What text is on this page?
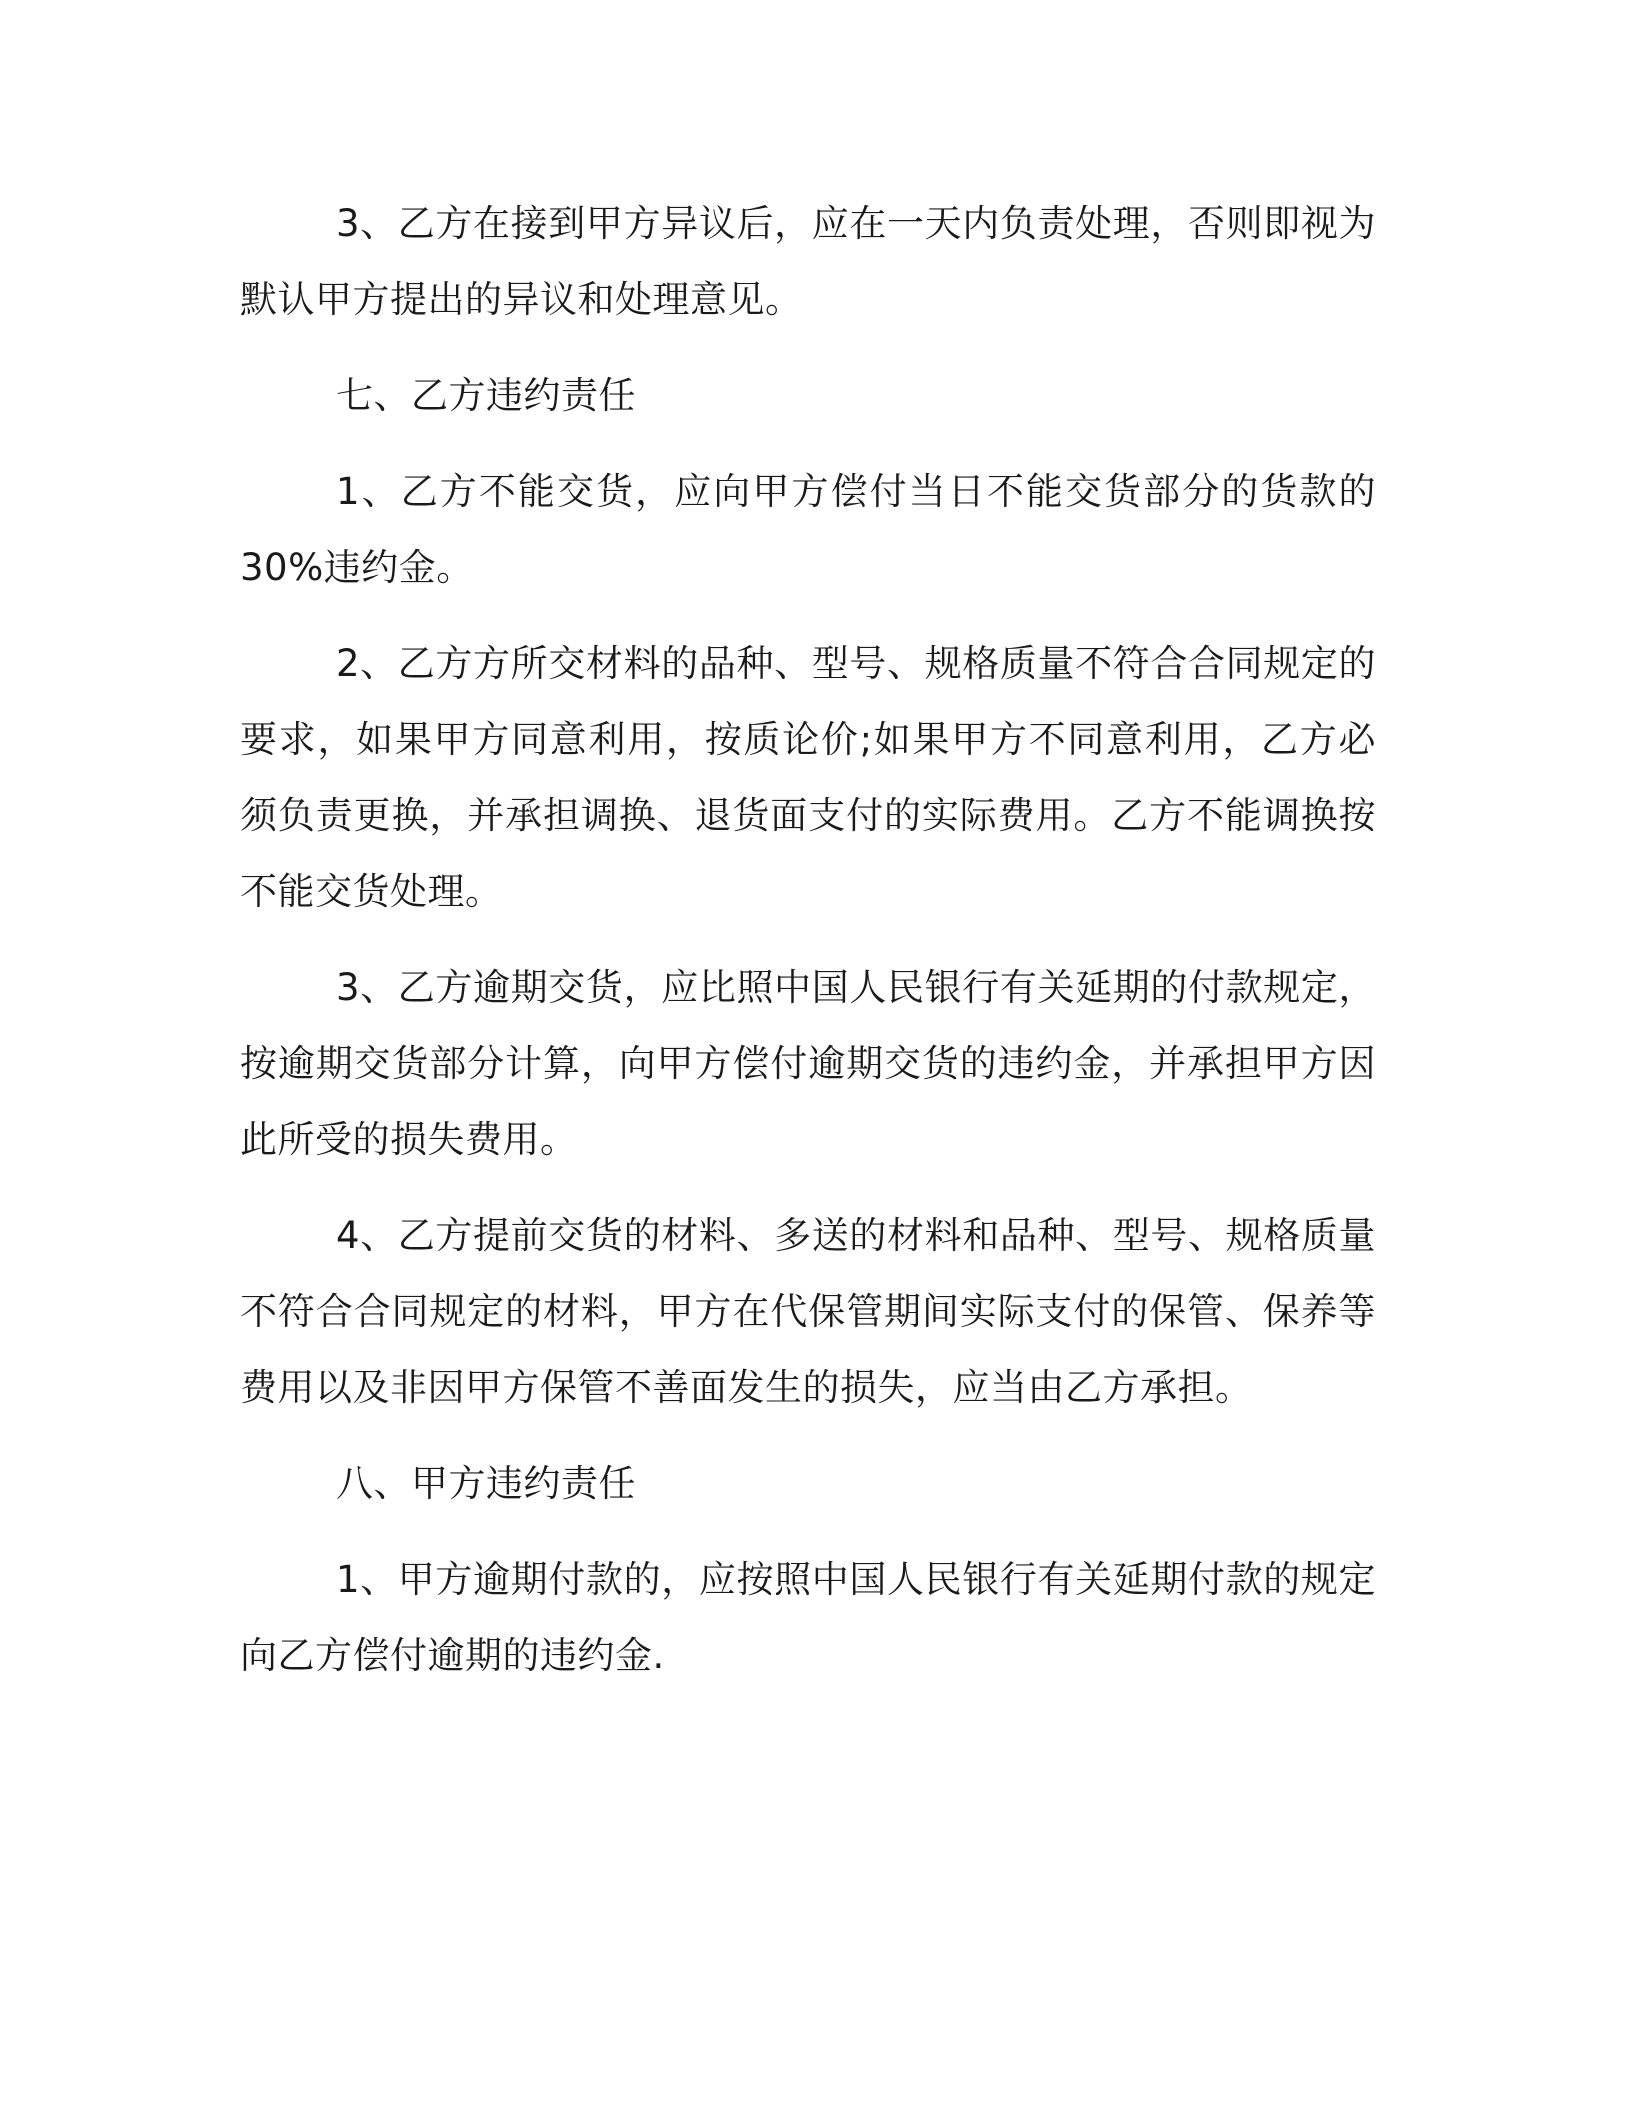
3、乙方在接到甲方异议后，应在一天内负责处理，否则即视为默认甲方提出的异议和处理意见。

七、乙方违约责任

1、乙方不能交货，应向甲方偿付当日不能交货部分的货款的30%违约金。

2、乙方方所交材料的品种、型号、规格质量不符合合同规定的要求，如果甲方同意利用，按质论价;如果甲方不同意利用，乙方必须负责更换，并承担调换、退货面支付的实际费用。乙方不能调换按不能交货处理。

3、乙方逾期交货，应比照中国人民银行有关延期的付款规定，按逾期交货部分计算，向甲方偿付逾期交货的违约金，并承担甲方因此所受的损失费用。

4、乙方提前交货的材料、多送的材料和品种、型号、规格质量不符合合同规定的材料，甲方在代保管期间实际支付的保管、保养等费用以及非因甲方保管不善面发生的损失，应当由乙方承担。

八、甲方违约责任

1、甲方逾期付款的，应按照中国人民银行有关延期付款的规定向乙方偿付逾期的违约金.
